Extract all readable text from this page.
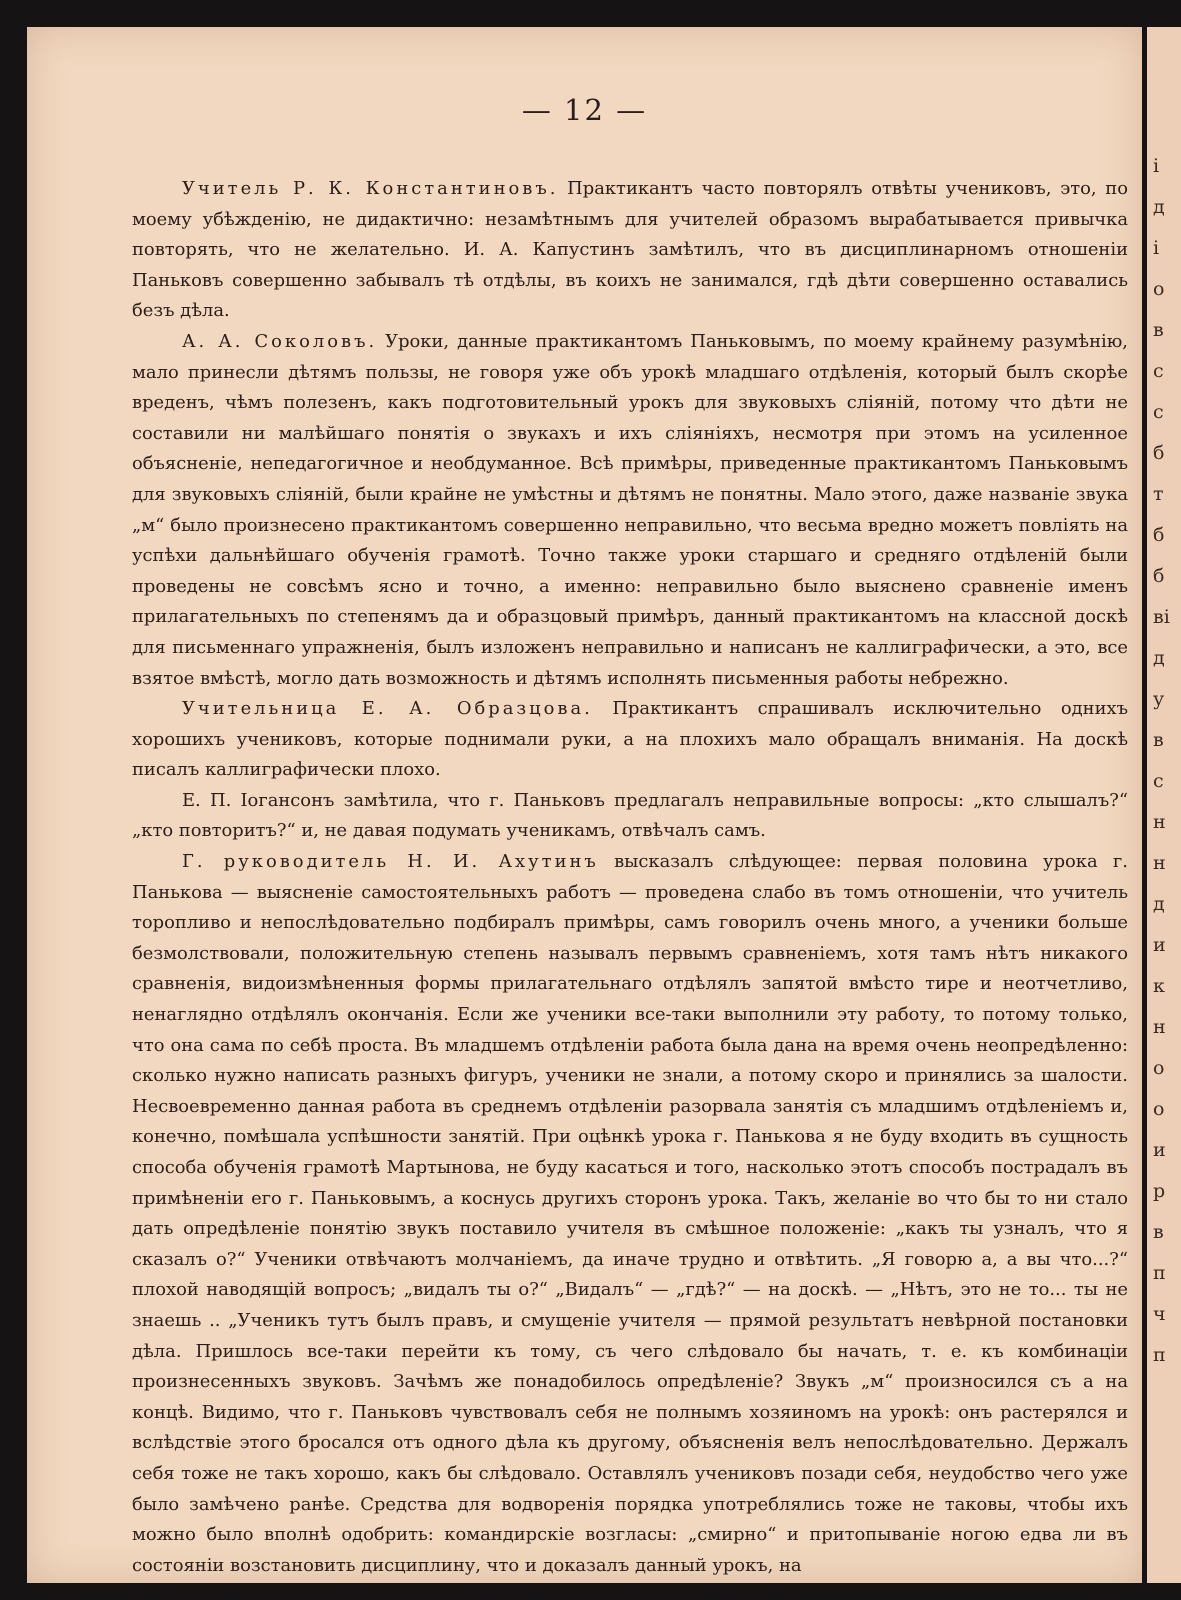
— 12 —

Учитель Р. К. Константиновъ. Практикантъ часто повторялъ отвѣты учениковъ, это, по моему убѣжденію, не дидактично: незамѣтнымъ для учителей образомъ вырабатывается привычка повторять, что не желательно. И. А. Капустинъ замѣтилъ, что въ дисциплинарномъ отношеніи Паньковъ совершенно забывалъ тѣ отдѣлы, въ коихъ не занимался, гдѣ дѣти совершенно оставались безъ дѣла.

А. А. Соколовъ. Уроки, данные практикантомъ Паньковымъ, по моему крайнему разумѣнію, мало принесли дѣтямъ пользы, не говоря уже объ урокѣ младшаго отдѣленія, который былъ скорѣе вреденъ, чѣмъ полезенъ, какъ подготовительный урокъ для звуковыхъ сліяній, потому что дѣти не составили ни малѣйшаго понятія о звукахъ и ихъ сліяніяхъ, несмотря при этомъ на усиленное объясненіе, непедагогичное и необдуманное. Всѣ примѣры, приведенные практикантомъ Паньковымъ для звуковыхъ сліяній, были крайне не умѣстны и дѣтямъ не понятны. Мало этого, даже названіе звука „м“ было произнесено практикантомъ совершенно неправильно, что весьма вредно можетъ повліять на успѣхи дальнѣйшаго обученія грамотѣ. Точно также уроки старшаго и средняго отдѣленій были проведены не совсѣмъ ясно и точно, а именно: неправильно было выяснено сравненіе именъ прилагательныхъ по степенямъ да и образцовый примѣръ, данный практикантомъ на классной доскѣ для письменнаго упражненія, былъ изложенъ неправильно и написанъ не каллиграфически, а это, все взятое вмѣстѣ, могло дать возможность и дѣтямъ исполнять письменныя работы небрежно.

Учительница Е. А. Образцова. Практикантъ спрашивалъ исключительно однихъ хорошихъ учениковъ, которые поднимали руки, а на плохихъ мало обращалъ вниманія. На доскѣ писалъ каллиграфически плохо.

Е. П. Іогансонъ замѣтила, что г. Паньковъ предлагалъ неправильные вопросы: „кто слышалъ?“ „кто повторитъ?“ и, не давая подумать ученикамъ, отвѣчалъ самъ.

Г. руководитель Н. И. Ахутинъ высказалъ слѣдующее: первая половина урока г. Панькова — выясненіе самостоятельныхъ работъ — проведена слабо въ томъ отношеніи, что учитель торопливо и непослѣдовательно подбиралъ примѣры, самъ говорилъ очень много, а ученики больше безмолствовали, положительную степень называлъ первымъ сравненіемъ, хотя тамъ нѣтъ никакого сравненія, видоизмѣненныя формы прилагательнаго отдѣлялъ запятой вмѣсто тире и неотчетливо, ненаглядно отдѣлялъ окончанія. Если же ученики все-таки выполнили эту работу, то потому только, что она сама по себѣ проста. Въ младшемъ отдѣленіи работа была дана на время очень неопредѣленно: сколько нужно написать разныхъ фигуръ, ученики не знали, а потому скоро и принялись за шалости. Несвоевременно данная работа въ среднемъ отдѣленіи разорвала занятія съ младшимъ отдѣленіемъ и, конечно, помѣшала успѣшности занятій. При оцѣнкѣ урока г. Панькова я не буду входить въ сущность способа обученія грамотѣ Мартынова, не буду касаться и того, насколько этотъ способъ пострадалъ въ примѣненіи его г. Паньковымъ, а коснусь другихъ сторонъ урока. Такъ, желаніе во что бы то ни стало дать опредѣленіе понятію звукъ поставило учителя въ смѣшное положеніе: „какъ ты узналъ, что я сказалъ о?“ Ученики отвѣчаютъ молчаніемъ, да иначе трудно и отвѣтить. „Я говорю а, а вы что...?“ плохой наводящій вопросъ; „видалъ ты о?“ „Видалъ“ — „гдѣ?“ — на доскѣ. — „Нѣтъ, это не то... ты не знаешь .. „Ученикъ тутъ былъ правъ, и смущеніе учителя — прямой результатъ невѣрной постановки дѣла. Пришлось все-таки перейти къ тому, съ чего слѣдовало бы начать, т. е. къ комбинаціи произнесенныхъ звуковъ. Зачѣмъ же понадобилось опредѣленіе? Звукъ „м“ произносился съ а на концѣ. Видимо, что г. Паньковъ чувствовалъ себя не полнымъ хозяиномъ на урокѣ: онъ растерялся и вслѣдствіе этого бросался отъ одного дѣла къ другому, объясненія велъ непослѣдовательно. Держалъ себя тоже не такъ хорошо, какъ бы слѣдовало. Оставлялъ учениковъ позади себя, неудобство чего уже было замѣчено ранѣе. Средства для водворенія порядка употреблялись тоже не таковы, чтобы ихъ можно было вполнѣ одобрить: командирскіе возгласы: „смирно“ и притопываніе ногою едва ли въ состояніи возстановить дисциплину, что и доказалъ данный урокъ, на

і
д
і
о
в
с
с
б
т
б
б
ві
д
у
в
с
н
н
д
и
к
н
о
о
и
р
в
п
ч
п
